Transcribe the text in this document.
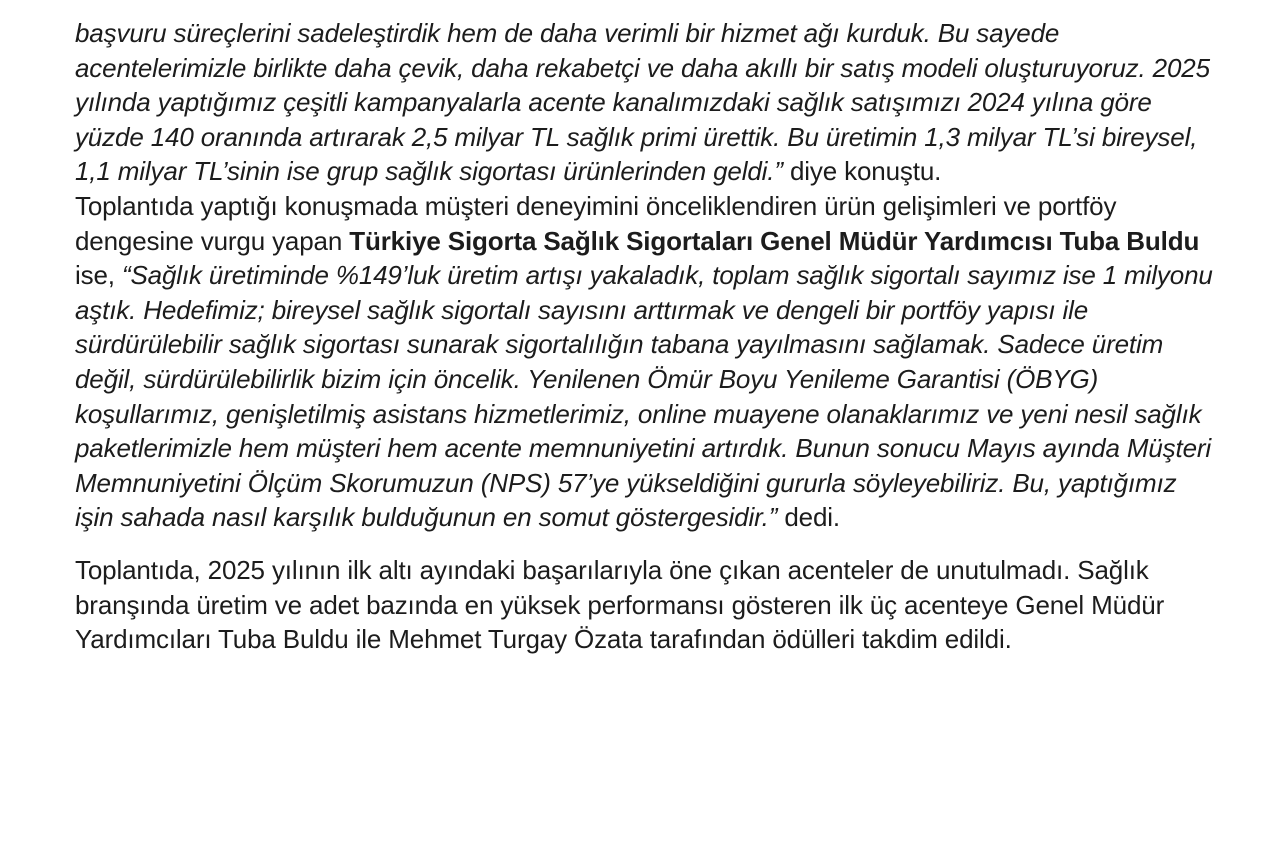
başvuru süreçlerini sadeleştirdik hem de daha verimli bir hizmet ağı kurduk. Bu sayede acentelerimizle birlikte daha çevik, daha rekabetçi ve daha akıllı bir satış modeli oluşturuyoruz. 2025 yılında yaptığımız çeşitli kampanyalarla acente kanalımızdaki sağlık satışımızı 2024 yılına göre yüzde 140 oranında artırarak 2,5 milyar TL sağlık primi ürettik. Bu üretimin 1,3 milyar TL’si bireysel, 1,1 milyar TL’sinin ise grup sağlık sigortası ürünlerinden geldi.” diye konuştu.

Toplantıda yaptığı konuşmada müşteri deneyimini önceliklendiren ürün gelişimleri ve portföy dengesine vurgu yapan Türkiye Sigorta Sağlık Sigortaları Genel Müdür Yardımcısı Tuba Buldu ise, “Sağlık üretiminde %149’luk üretim artışı yakaladık, toplam sağlık sigortalı sayımız ise 1 milyonu aştık. Hedefimiz; bireysel sağlık sigortalı sayısını arttırmak ve dengeli bir portföy yapısı ile sürdürülebilir sağlık sigortası sunarak sigortalılığın tabana yayılmasını sağlamak. Sadece üretim değil, sürdürülebilirlik bizim için öncelik. Yenilenen Ömür Boyu Yenileme Garantisi (ÖBYG) koşullarımız, genişletilmiş asistans hizmetlerimiz, online muayene olanaklarımız ve yeni nesil sağlık paketlerimizle hem müşteri hem acente memnuniyetini artırdık. Bunun sonucu Mayıs ayında Müşteri Memnuniyetini Ölçüm Skorumuzun (NPS) 57’ye yükseldiğini gururla söyleyebiliriz. Bu, yaptığımız işin sahada nasıl karşılık bulduğunun en somut göstergesidir.” dedi.

Toplantıda, 2025 yılının ilk altı ayındaki başarılarıyla öne çıkan acenteler de unutulmadı. Sağlık branşında üretim ve adet bazında en yüksek performansı gösteren ilk üç acenteye Genel Müdür Yardımcıları Tuba Buldu ile Mehmet Turgay Özata tarafından ödülleri takdim edildi.
